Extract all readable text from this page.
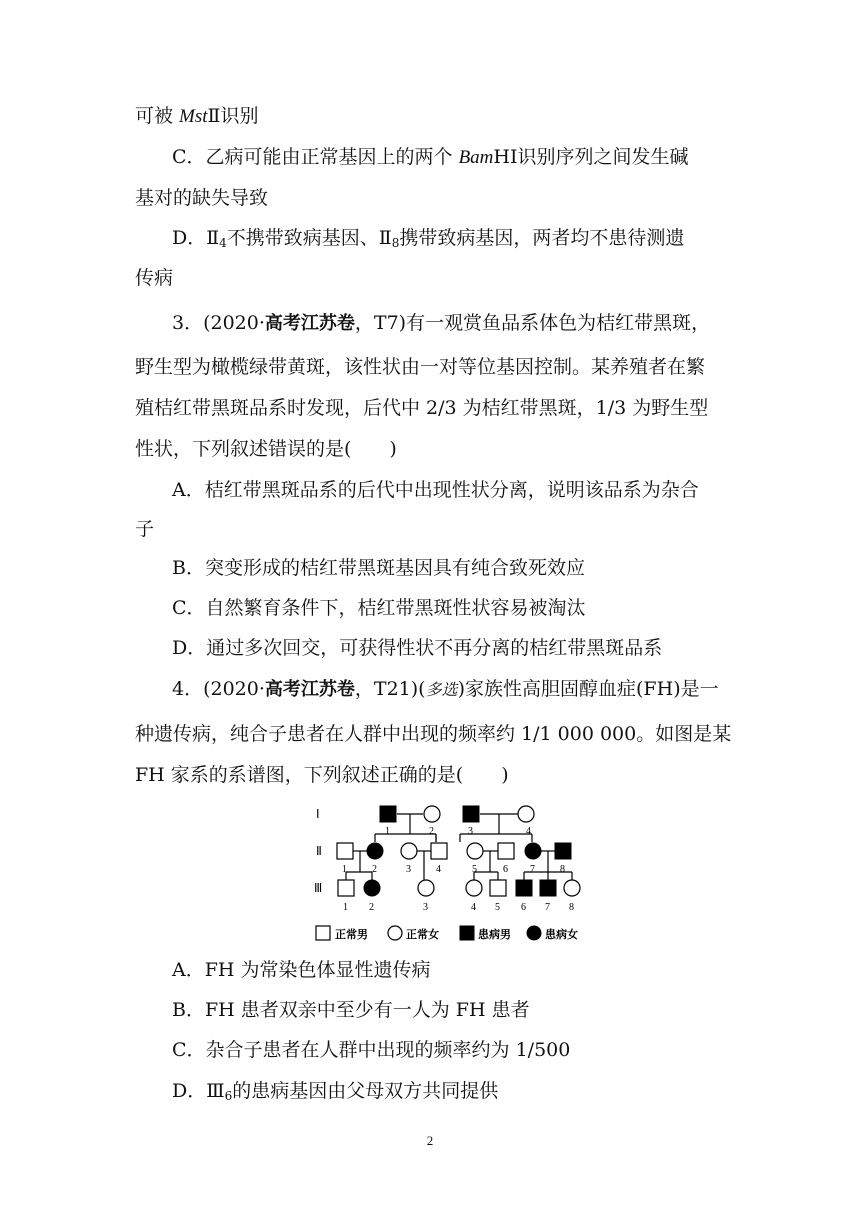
可被 MstⅡ识别
C．乙病可能由正常基因上的两个 BamHⅠ识别序列之间发生碱
基对的缺失导致
D．$Ⅱ_4$不携带致病基因、$Ⅱ_8$携带致病基因，两者均不患待测遗
传病
3．(2020·高考江苏卷，T7)有一观赏鱼品系体色为桔红带黑斑，
野生型为橄榄绿带黄斑，该性状由一对等位基因控制。某养殖者在繁
殖桔红带黑斑品系时发现，后代中 2/3 为桔红带黑斑，1/3 为野生型
性状，下列叙述错误的是(　　)
A．桔红带黑斑品系的后代中出现性状分离，说明该品系为杂合
子
B．突变形成的桔红带黑斑基因具有纯合致死效应
C．自然繁育条件下，桔红带黑斑性状容易被淘汰
D．通过多次回交，可获得性状不再分离的桔红带黑斑品系
4．(2020·高考江苏卷，T21)(多选)家族性高胆固醇血症(FH)是一
种遗传病，纯合子患者在人群中出现的频率约 1/1 000 000。如图是某
FH 家系的系谱图，下列叙述正确的是(　　)
Ⅰ
Ⅱ
Ⅲ
1	2	3	4
1	2	3	4	5	6 7	8
1 2	3	4 5 6 7 8
正常男	正常女	患病男	患病女
A．FH 为常染色体显性遗传病
B．FH 患者双亲中至少有一人为 FH 患者
C．杂合子患者在人群中出现的频率约为 1/500
D．$Ⅲ_6$的患病基因由父母双方共同提供
2
